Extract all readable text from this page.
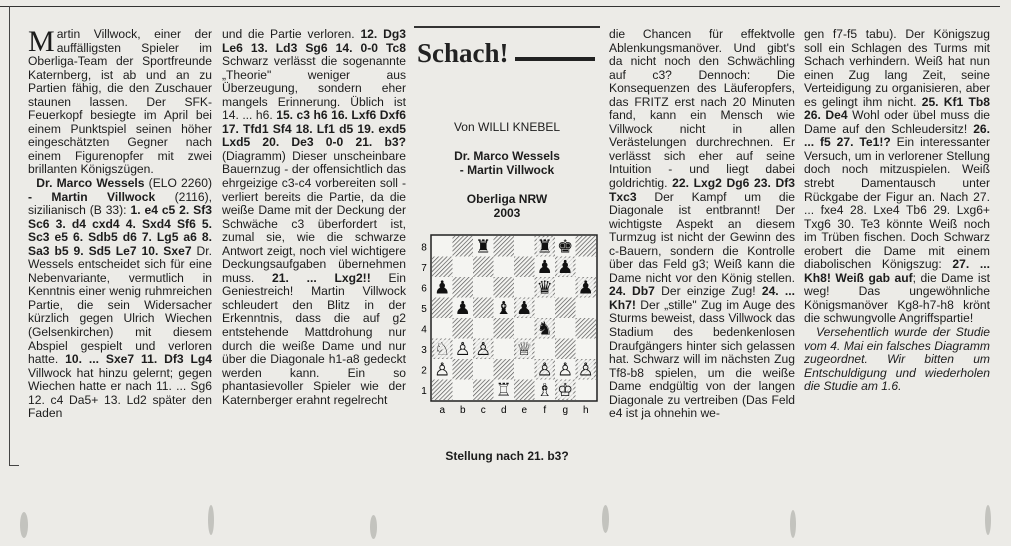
Martin Villwock, einer der auffälligsten Spieler im Oberliga-Team der Sportfreunde Katernberg, ist ab und an zu Partien fähig, die den Zuschauer staunen lassen. Der SFK-Feuerkopf besiegte im April bei einem Punktspiel seinen höher eingeschätzten Gegner nach einem Figurenopfer mit zwei brillanten Königszügen.

Dr. Marco Wessels (ELO 2260) - Martin Villwock (2116), sizilianisch (B 33): 1. e4 c5 2. Sf3 Sc6 3. d4 cxd4 4. Sxd4 Sf6 5. Sc3 e5 6. Sdb5 d6 7. Lg5 a6 8. Sa3 b5 9. Sd5 Le7 10. Sxe7 Dr. Wessels entscheidet sich für eine Nebenvariante, vermutlich in Kenntnis einer wenig ruhmreichen Partie, die sein Widersacher kürzlich gegen Ulrich Wiechen (Gelsenkirchen) mit diesem Abspiel gespielt und verloren hatte. 10. ... Sxe7 11. Df3 Lg4 Villwock hat hinzu gelernt; gegen Wiechen hatte er nach 11. ... Sg6 12. c4 Da5+ 13. Ld2 später den Faden

und die Partie verloren. 12. Dg3 Le6 13. Ld3 Sg6 14. 0-0 Tc8 Schwarz verlässt die sogenannte „Theorie" weniger aus Überzeugung, sondern eher mangels Erinnerung. Üblich ist 14. ... h6. 15. c3 h6 16. Lxf6 Dxf6 17. Tfd1 Sf4 18. Lf1 d5 19. exd5 Lxd5 20. De3 0-0 21. b3? (Diagramm) Dieser unscheinbare Bauernzug - der offensichtlich das ehrgeizige c3-c4 vorbereiten soll - verliert bereits die Partie, da die weiße Dame mit der Deckung der Schwäche c3 überfordert ist, zumal sie, wie die schwarze Antwort zeigt, noch viel wichtigere Deckungsaufgaben übernehmen muss. 21. ... Lxg2!! Ein Geniestreich! Martin Villwock schleudert den Blitz in der Erkenntnis, dass die auf g2 entstehende Mattdrohung nur durch die weiße Dame und nur über die Diagonale h1-a8 gedeckt werden kann. Ein so phantasievoller Spieler wie der Katernberger erahnt regelrecht

Schach!
Von WILLI KNEBEL
Dr. Marco Wessels
- Martin Villwock
Oberliga NRW
2003
8
7
6
5
4
3
2
1
a b c d e f g h
♜	♜ ♚
♟ ♟
♟	♛ ♟
♟ ♝ ♟
♞
♘ ♙ ♙ ♕
♙	♙ ♙ ♙
♖ ♗ ♔
Stellung nach 21. b3?

die Chancen für effektvolle Ablenkungsmanöver. Und gibt's da nicht noch den Schwächling auf c3? Dennoch: Die Konsequenzen des Läuferopfers, das FRITZ erst nach 20 Minuten fand, kann ein Mensch wie Villwock nicht in allen Verästelungen durchrechnen. Er verlässt sich eher auf seine Intuition - und liegt dabei goldrichtig. 22. Lxg2 Dg6 23. Df3 Txc3 Der Kampf um die Diagonale ist entbrannt! Der wichtigste Aspekt an diesem Turmzug ist nicht der Gewinn des c-Bauern, sondern die Kontrolle über das Feld g3; Weiß kann die Dame nicht vor den König stellen. 24. Db7 Der einzige Zug! 24. ... Kh7! Der „stille" Zug im Auge des Sturms beweist, dass Villwock das Stadium des bedenkenlosen Draufgängers hinter sich gelassen hat. Schwarz will im nächsten Zug Tf8-b8 spielen, um die weiße Dame endgültig von der langen Diagonale zu vertreiben (Das Feld e4 ist ja ohnehin we-

gen f7-f5 tabu). Der Königszug soll ein Schlagen des Turms mit Schach verhindern. Weiß hat nun einen Zug lang Zeit, seine Verteidigung zu organisieren, aber es gelingt ihm nicht. 25. Kf1 Tb8 26. De4 Wohl oder übel muss die Dame auf den Schleudersitz! 26. ... f5 27. Te1!? Ein interessanter Versuch, um in verlorener Stellung doch noch mitzuspielen. Weiß strebt Damentausch unter Rückgabe der Figur an. Nach 27. ... fxe4 28. Lxe4 Tb6 29. Lxg6+ Txg6 30. Te3 könnte Weiß noch im Trüben fischen. Doch Schwarz erobert die Dame mit einem diabolischen Königszug: 27. ... Kh8! Weiß gab auf; die Dame ist weg! Das ungewöhnliche Königsmanöver Kg8-h7-h8 krönt die schwungvolle Angriffspartie!

Versehentlich wurde der Studie vom 4. Mai ein falsches Diagramm zugeordnet. Wir bitten um Entschuldigung und wiederholen die Studie am 1.6.
